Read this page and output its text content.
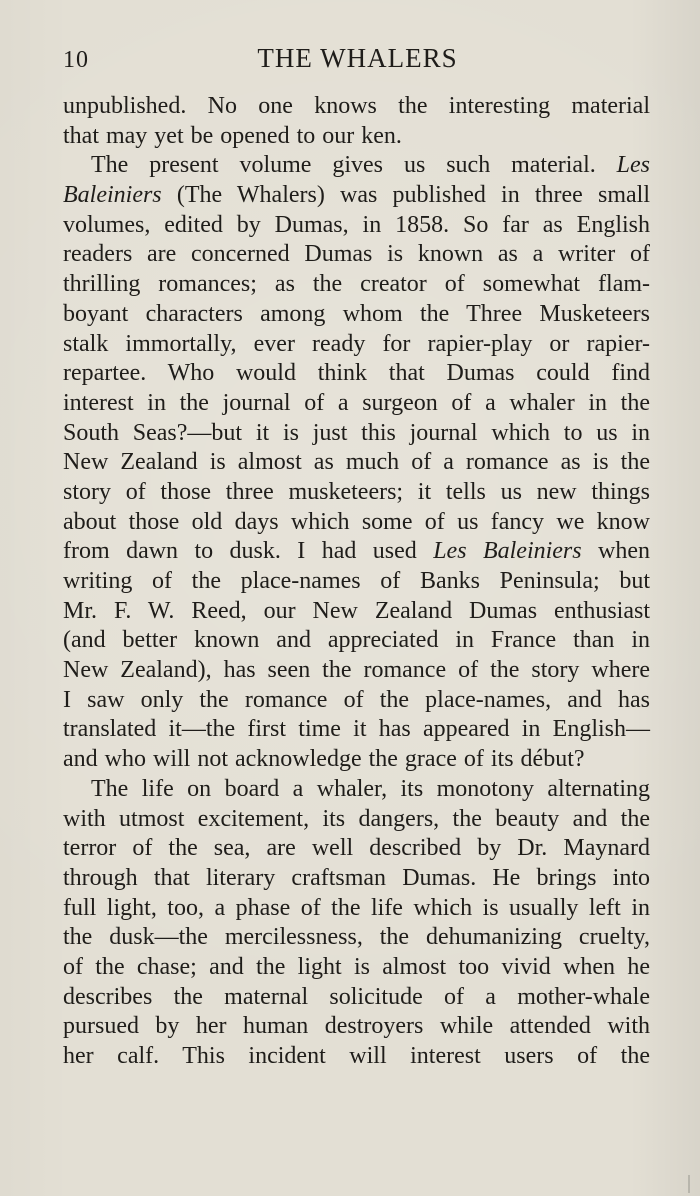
10	THE WHALERS
unpublished. No one knows the interesting material
that may yet be opened to our ken.
The present volume gives us such material. Les
Baleiniers (The Whalers) was published in three small
volumes, edited by Dumas, in 1858. So far as English
readers are concerned Dumas is known as a writer of
thrilling romances; as the creator of somewhat flam-
boyant characters among whom the Three Musketeers
stalk immortally, ever ready for rapier-play or rapier-
repartee. Who would think that Dumas could find
interest in the journal of a surgeon of a whaler in the
South Seas?—but it is just this journal which to us in
New Zealand is almost as much of a romance as is the
story of those three musketeers; it tells us new things
about those old days which some of us fancy we know
from dawn to dusk. I had used Les Baleiniers when
writing of the place-names of Banks Peninsula; but
Mr. F. W. Reed, our New Zealand Dumas enthusiast
(and better known and appreciated in France than in
New Zealand), has seen the romance of the story where
I saw only the romance of the place-names, and has
translated it—the first time it has appeared in English—
and who will not acknowledge the grace of its début?
The life on board a whaler, its monotony alternating
with utmost excitement, its dangers, the beauty and the
terror of the sea, are well described by Dr. Maynard
through that literary craftsman Dumas. He brings into
full light, too, a phase of the life which is usually left in
the dusk—the mercilessness, the dehumanizing cruelty,
of the chase; and the light is almost too vivid when he
describes the maternal solicitude of a mother-whale
pursued by her human destroyers while attended with
her calf. This incident will interest users of the
